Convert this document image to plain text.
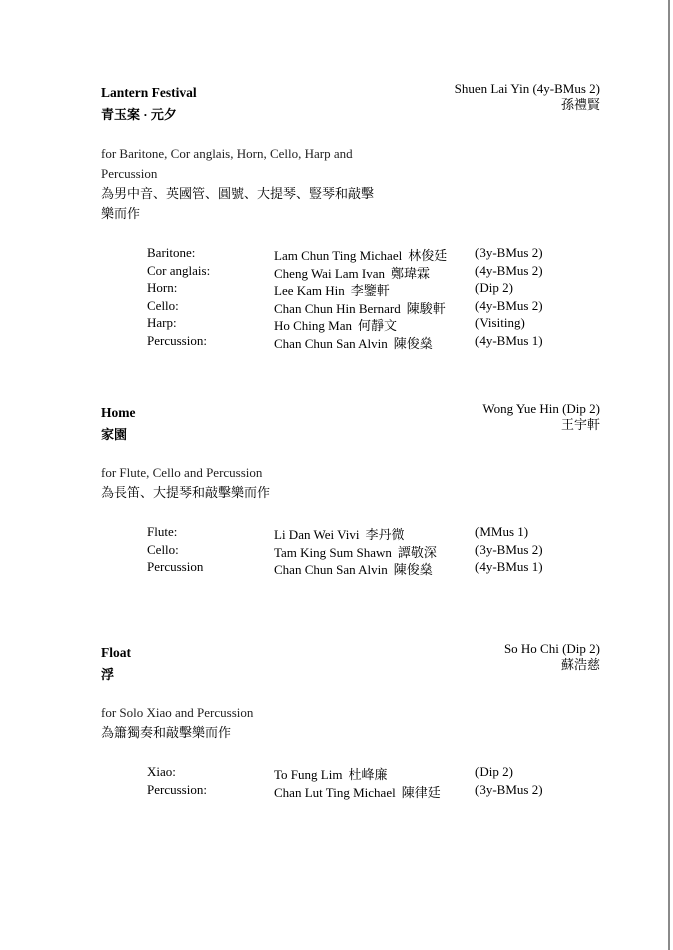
Lantern Festival
青玉案 · 元夕
Shuen Lai Yin (4y-BMus 2)
孫禮賢

for Baritone, Cor anglais, Horn, Cello, Harp and Percussion

為男中音、英國管、圓號、大提琴、豎琴和敲擊樂而作

Baritone:	Lam Chun Ting Michael 林俊廷 (3y-BMus 2)
Cor anglais:	Cheng Wai Lam Ivan 鄭瑋霖	(4y-BMus 2)
Horn:	Lee Kam Hin 李鑒軒	(Dip 2)
Cello:	Chan Chun Hin Bernard 陳駿軒 (4y-BMus 2)
Harp:	Ho Ching Man 何靜文	(Visiting)
Percussion:	Chan Chun San Alvin 陳俊燊	(4y-BMus 1)
Home
家園
Wong Yue Hin (Dip 2)
王宇軒

for Flute, Cello and Percussion

為長笛、大提琴和敲擊樂而作

Flute:	Li Dan Wei Vivi 李丹微	(MMus 1)
Cello:	Tam King Sum Shawn 譚敬深	(3y-BMus 2)
Percussion	Chan Chun San Alvin 陳俊燊	(4y-BMus 1)
Float
浮
So Ho Chi (Dip 2)
蘇浩慈

for Solo Xiao and Percussion

為簫獨奏和敲擊樂而作

Xiao:	To Fung Lim 杜峰廉	(Dip 2)
Percussion:	Chan Lut Ting Michael 陳律廷	(3y-BMus 2)
